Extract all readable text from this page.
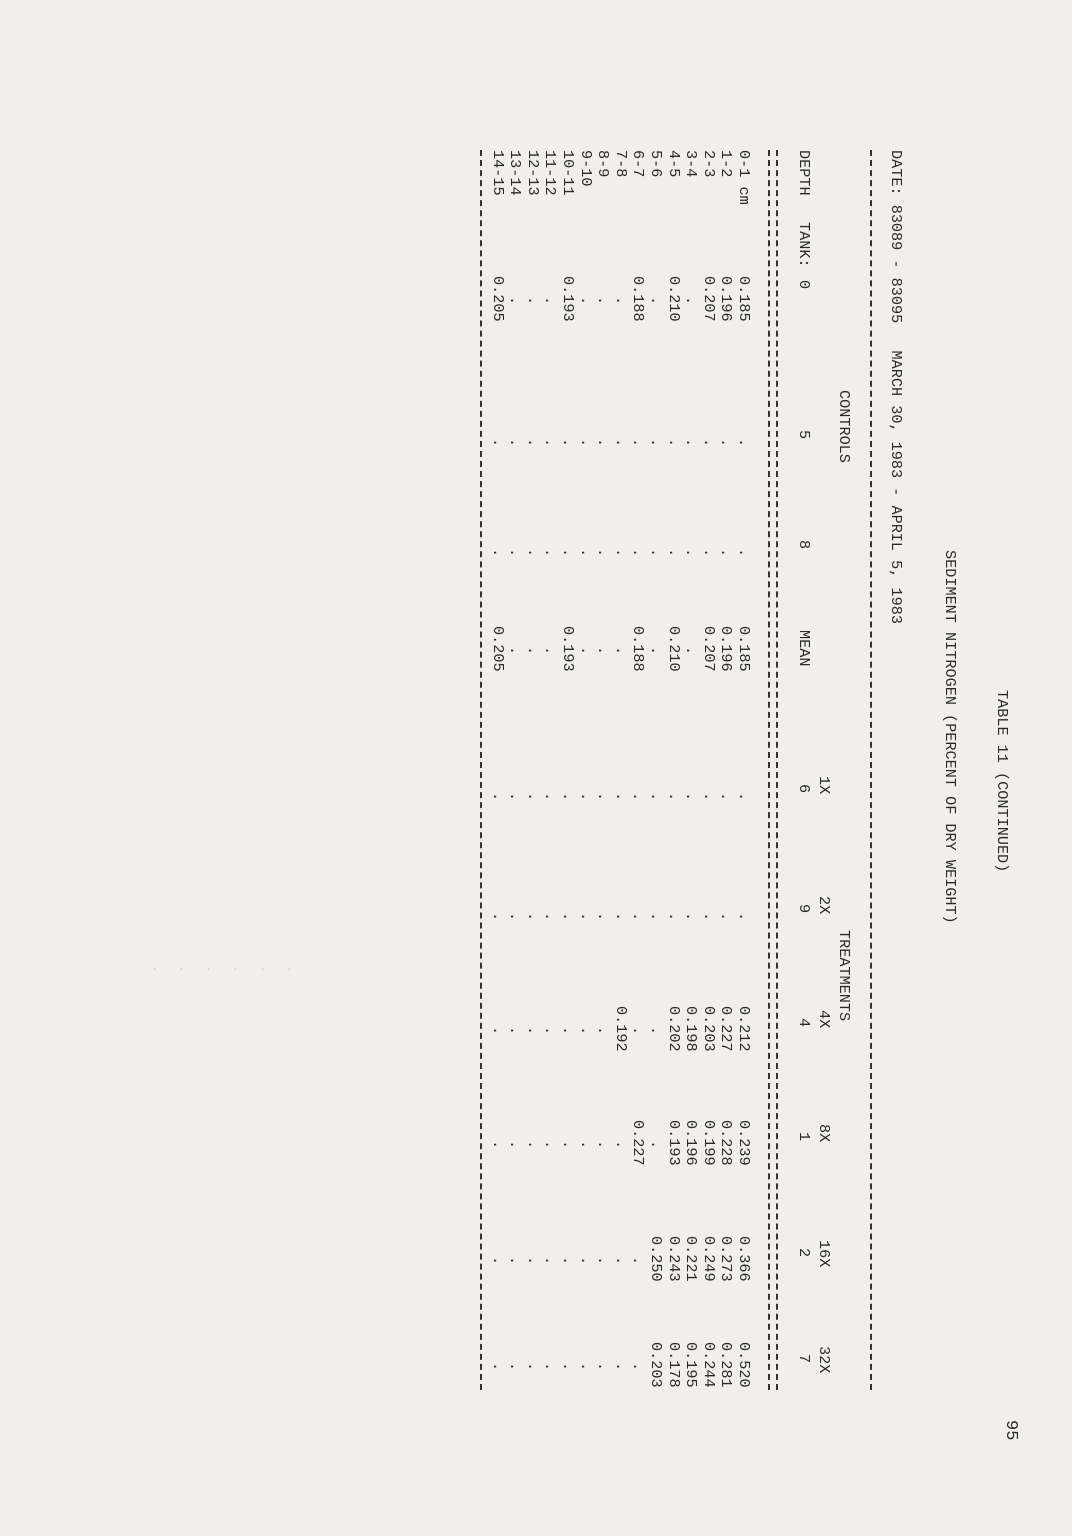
95

TABLE 11 (CONTINUED)

SEDIMENT NITROGEN (PERCENT OF DRY WEIGHT)

DATE: 83089 - 83095   MARCH 30, 1983 - APRIL 5, 1983

CONTROLS

TREATMENTS

DEPTH

TANK:

0
5
8
MEAN
1X
6
2X
9
4X
4
8X
1
16X
2
32X
7
0-1 cm
0.185
.
.
0.185
.
.
0.212
0.239
0.366
0.520
1-2
0.196
.
.
0.196
.
.
0.227
0.228
0.273
0.281
2-3
0.207
.
.
0.207
.
.
0.203
0.199
0.249
0.244
3-4
.
.
.
.
.
.
0.198
0.196
0.221
0.195
4-5
0.210
.
.
0.210
.
.
0.202
0.193
0.243
0.178
5-6
.
.
.
.
.
.
.
.
0.250
0.203
6-7
0.188
.
.
0.188
.
.
.
0.227
.
.
7-8
.
.
.
.
.
.
0.192
.
.
.
8-9
.
.
.
.
.
.
.
.
.
.
9-10
.
.
.
.
.
.
.
.
.
.
10-11
0.193
.
.
0.193
.
.
.
.
.
.
11-12
.
.
.
.
.
.
.
.
.
.
12-13
.
.
.
.
.
.
.
.
.
.
13-14
.
.
.
.
.
.
.
.
.
.
14-15
0.205
.
.
0.205
.
.
.
.
.
.
·  ·  ·  ·  ·  ·
